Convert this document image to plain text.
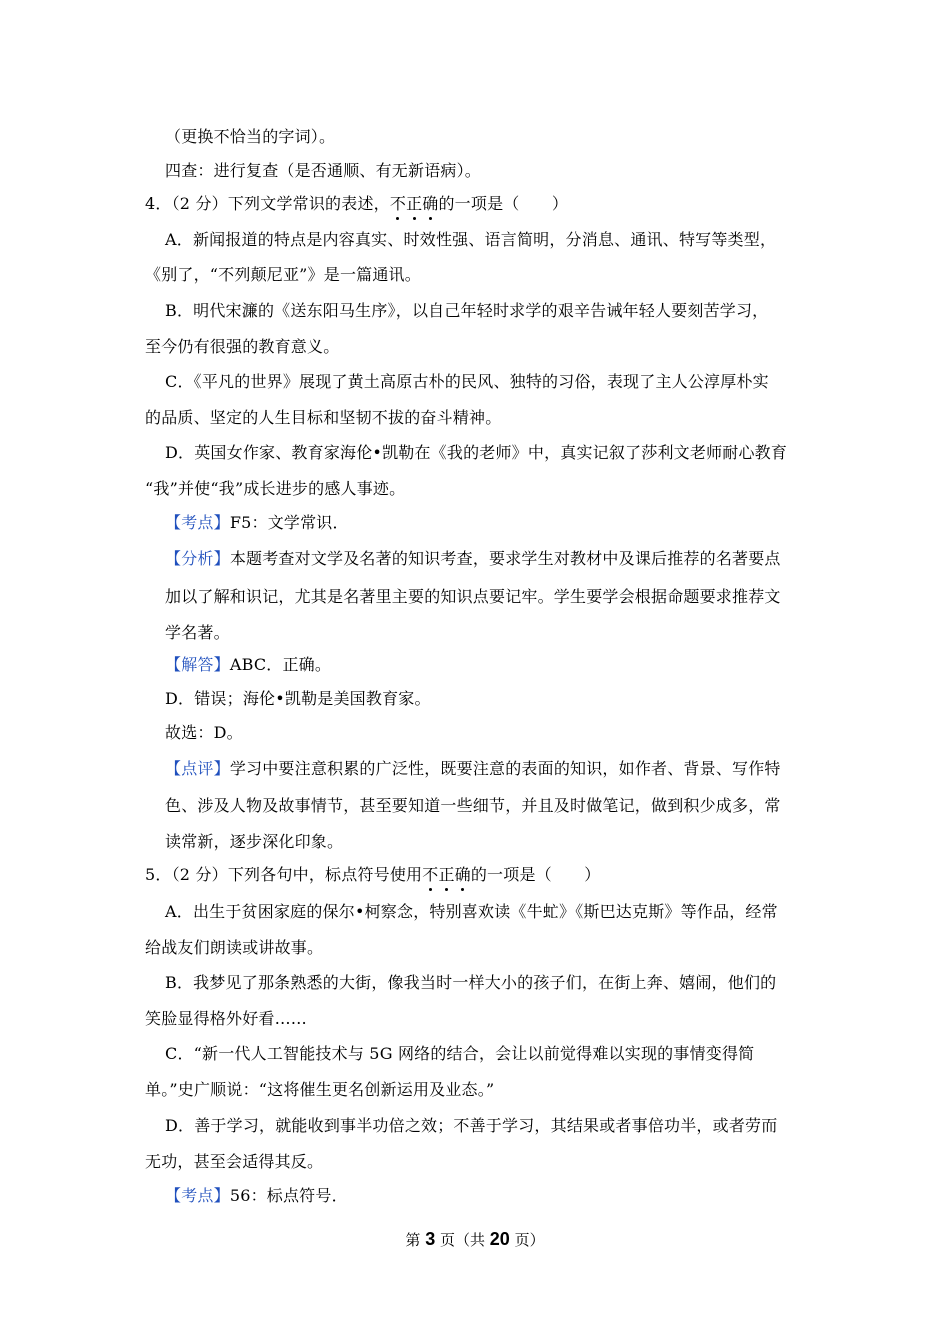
（更换不恰当的字词）。
四查：进行复查（是否通顺、有无新语病）。
4．（2 分）下列文学常识的表述，不正确的一项是（　　）
A．新闻报道的特点是内容真实、时效性强、语言简明，分消息、通讯、特写等类型，
《别了，“不列颠尼亚”》是一篇通讯。
B．明代宋濂的《送东阳马生序》，以自己年轻时求学的艰辛告诫年轻人要刻苦学习，
至今仍有很强的教育意义。
C．《平凡的世界》展现了黄土高原古朴的民风、独特的习俗，表现了主人公淳厚朴实
的品质、坚定的人生目标和坚韧不拔的奋斗精神。
D．英国女作家、教育家海伦•凯勒在《我的老师》中，真实记叙了莎利文老师耐心教育
“我”并使“我”成长进步的感人事迹。
【考点】F5：文学常识．
【分析】本题考查对文学及名著的知识考查，要求学生对教材中及课后推荐的名著要点
加以了解和识记，尤其是名著里主要的知识点要记牢。学生要学会根据命题要求推荐文
学名著。
【解答】ABC．正确。
D．错误；海伦•凯勒是美国教育家。
故选：D。
【点评】学习中要注意积累的广泛性，既要注意的表面的知识，如作者、背景、写作特
色、涉及人物及故事情节，甚至要知道一些细节，并且及时做笔记，做到积少成多，常
读常新，逐步深化印象。
5．（2 分）下列各句中，标点符号使用不正确的一项是（　　）
A．出生于贫困家庭的保尔•柯察念，特别喜欢读《牛虻》《斯巴达克斯》等作品，经常
给战友们朗读或讲故事。
B．我梦见了那条熟悉的大街，像我当时一样大小的孩子们，在街上奔、嬉闹，他们的
笑脸显得格外好看……
C．“新一代人工智能技术与 5G 网络的结合，会让以前觉得难以实现的事情变得简
单。”史广顺说：“这将催生更名创新运用及业态。”
D．善于学习，就能收到事半功倍之效；不善于学习，其结果或者事倍功半，或者劳而
无功，甚至会适得其反。
【考点】56：标点符号．
第 3 页（共 20 页）
